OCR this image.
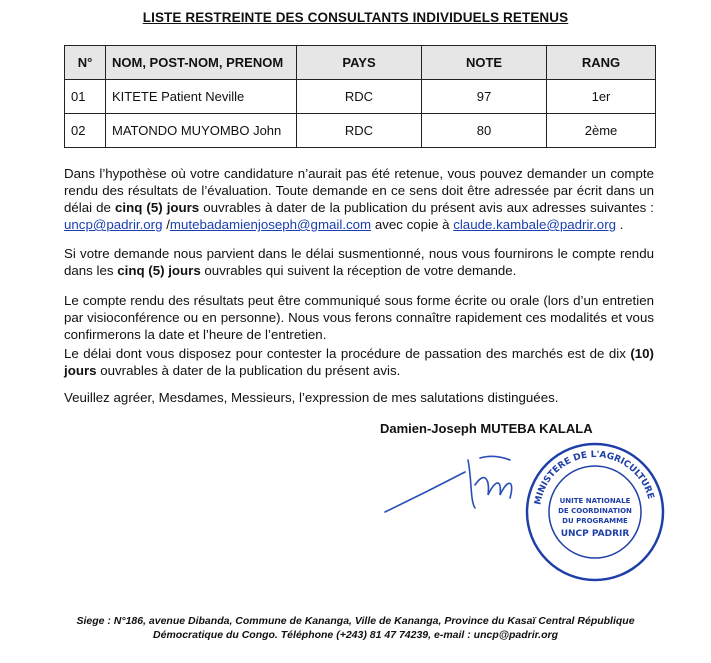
LISTE RESTREINTE DES CONSULTANTS INDIVIDUELS RETENUS
N°	NOM, POST-NOM, PRENOM	PAYS	NOTE	RANG
01	KITETE Patient Neville	RDC	97	1er
02	MATONDO MUYOMBO John	RDC	80	2ème
Dans l’hypothèse où votre candidature n’aurait pas été retenue, vous pouvez demander un compte rendu des résultats de l’évaluation. Toute demande en ce sens doit être adressée par écrit dans un délai de cinq (5) jours ouvrables à dater de la publication du présent avis aux adresses suivantes : uncp@padrir.org /mutebadamienjoseph@gmail.com avec copie à claude.kambale@padrir.org .
Si votre demande nous parvient dans le délai susmentionné, nous vous fournirons le compte rendu dans les cinq (5) jours ouvrables qui suivent la réception de votre demande.
Le compte rendu des résultats peut être communiqué sous forme écrite ou orale (lors d’un entretien par visioconférence ou en personne). Nous vous ferons connaître rapidement ces modalités et vous confirmerons la date et l’heure de l’entretien.
Le délai dont vous disposez pour contester la procédure de passation des marchés est de dix (10) jours ouvrables à dater de la publication du présent avis.
Veuillez agréer, Mesdames, Messieurs, l’expression de mes salutations distinguées.
Damien-Joseph MUTEBA KALALA
MINISTERE DE L'AGRICULTURE
UNITE NATIONALE
DE COORDINATION
DU PROGRAMME
UNCP PADRIR
Siege : N°186, avenue Dibanda, Commune de Kananga, Ville de Kananga, Province du Kasaï Central République
Démocratique du Congo. Téléphone (+243) 81 47 74239, e-mail : uncp@padrir.org
